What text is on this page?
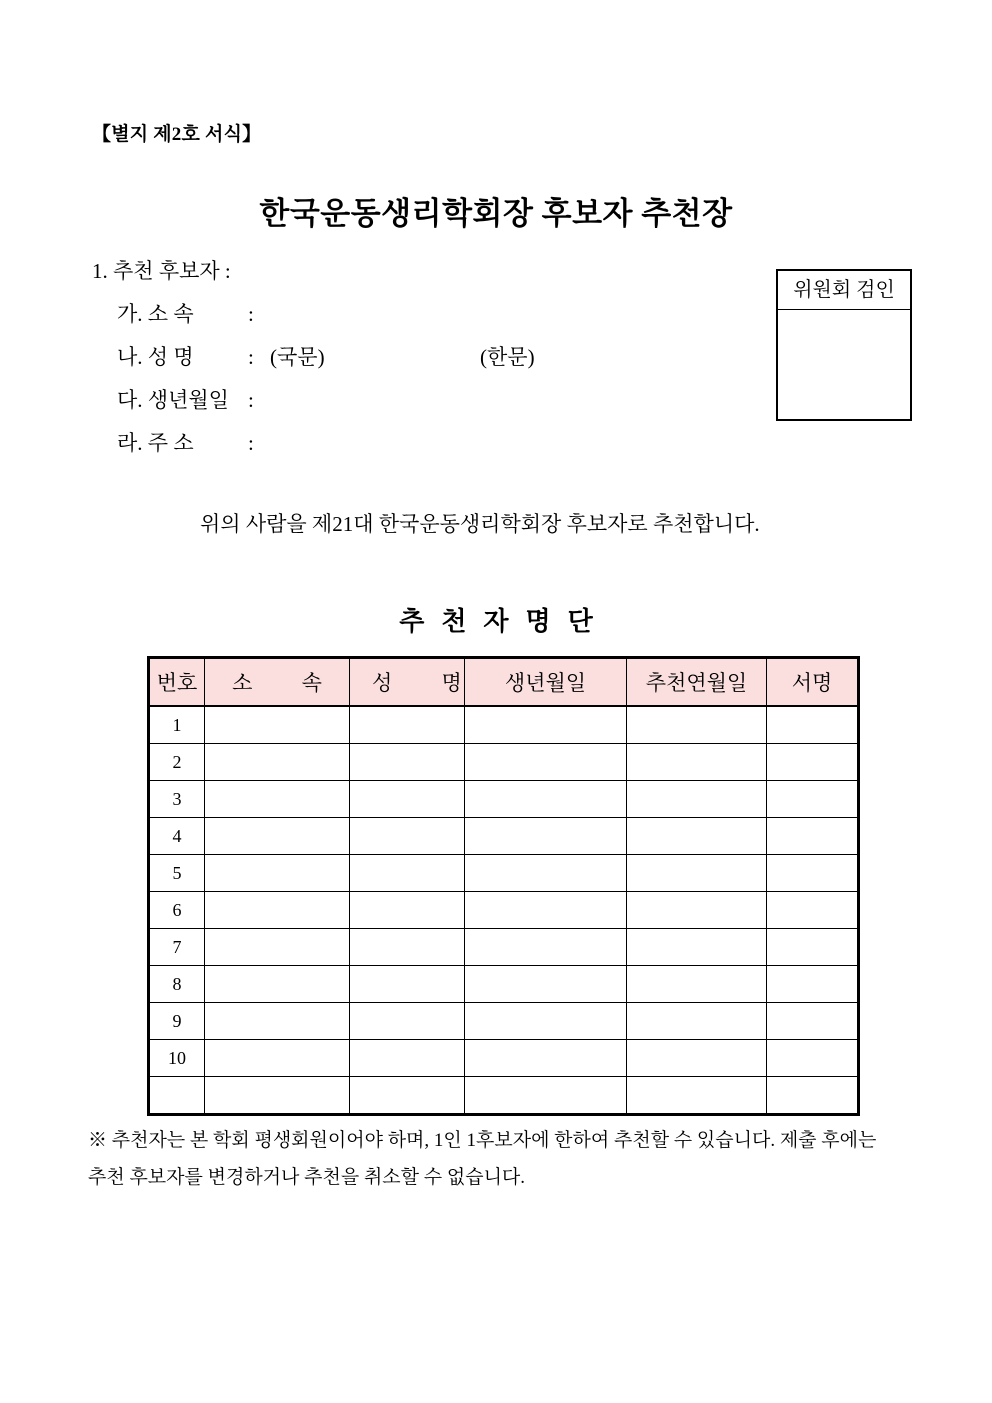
【별지 제2호 서식】
한국운동생리학회장 후보자 추천장
1. 추천 후보자 :
가. 소 속	:
나. 성 명	: (국문)	(한문)
다. 생년월일 :
라. 주 소	:
위원회 검인
위의 사람을 제21대 한국운동생리학회장 후보자로 추천합니다.
추천자명단
번호	소 속	성 명	생년월일	추천연월일	서명
1					
2					
3					
4					
5					
6					
7					
8					
9					
10					

※ 추천자는 본 학회 평생회원이어야 하며, 1인 1후보자에 한하여 추천할 수 있습니다. 제출 후에는

추천 후보자를 변경하거나 추천을 취소할 수 없습니다.
